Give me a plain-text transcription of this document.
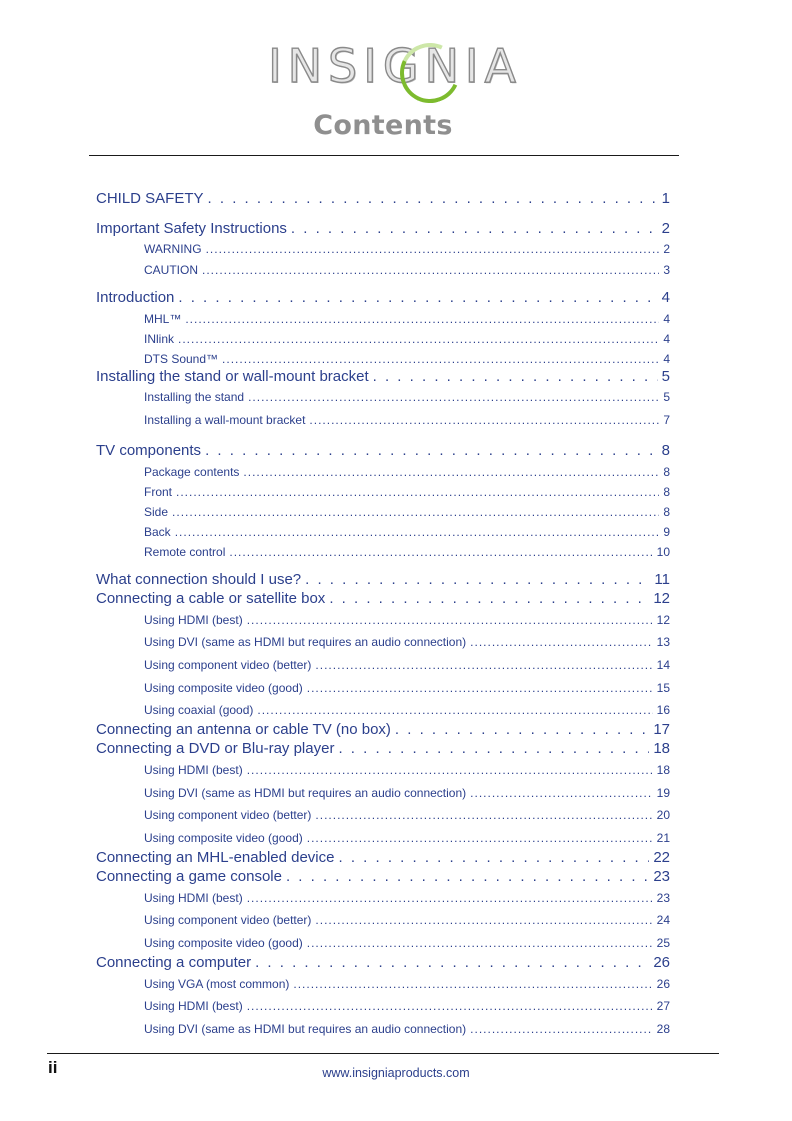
INSIGNIA
Contents
CHILD SAFETY . . .	1
Important Safety Instructions . . .	2
WARNING .....	2
CAUTION .....	3
Introduction . . .	4
MHL™ .....	4
INlink .....	4
DTS Sound™ .....	4
Installing the stand or wall-mount bracket . . .	5
Installing the stand .....	5
Installing a wall-mount bracket .....	7
TV components . . .	8
Package contents .....	8
Front .....	8
Side .....	8
Back .....	9
Remote control .....	10
What connection should I use? . . .	11
Connecting a cable or satellite box . . .	12
Using HDMI (best) .....	12
Using DVI (same as HDMI but requires an audio connection) .....	13
Using component video (better) .....	14
Using composite video (good) .....	15
Using coaxial (good) .....	16
Connecting an antenna or cable TV (no box) . . .	17
Connecting a DVD or Blu-ray player . . .	18
Using HDMI (best) .....	18
Using DVI (same as HDMI but requires an audio connection) .....	19
Using component video (better) .....	20
Using composite video (good) .....	21
Connecting an MHL-enabled device . . .	22
Connecting a game console . . .	23
Using HDMI (best) .....	23
Using component video (better) .....	24
Using composite video (good) .....	25
Connecting a computer . . .	26
Using VGA (most common) .....	26
Using HDMI (best) .....	27
Using DVI (same as HDMI but requires an audio connection) .....	28
ii	www.insigniaproducts.com
